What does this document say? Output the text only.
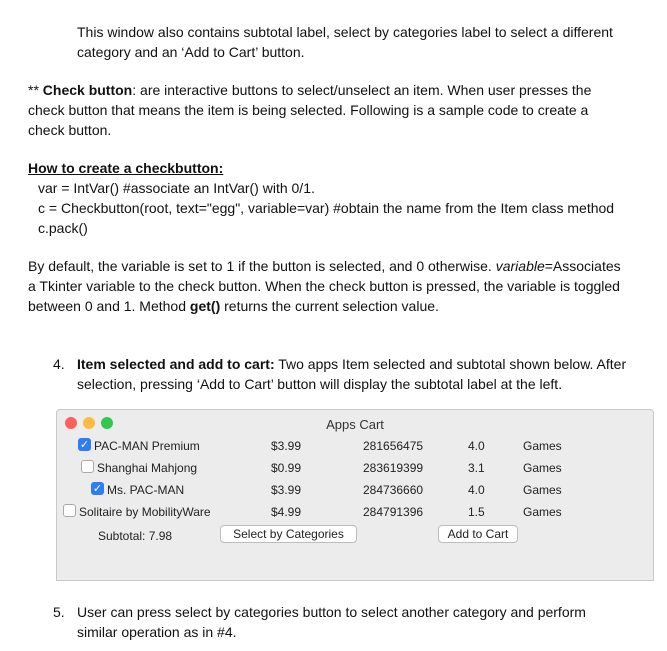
This window also contains subtotal label, select by categories label to select a different
category and an ‘Add to Cart’ button.
** Check button: are interactive buttons to select/unselect an item. When user presses the
check button that means the item is being selected. Following is a sample code to create a
check button.
How to create a checkbutton:
var = IntVar() #associate an IntVar() with 0/1.
c = Checkbutton(root, text="egg", variable=var) #obtain the name from the Item class method
c.pack()
By default, the variable is set to 1 if the button is selected, and 0 otherwise. variable=Associates
a Tkinter variable to the check button. When the check button is pressed, the variable is toggled
between 0 and 1. Method get() returns the current selection value.
4. Item selected and add to cart: Two apps Item selected and subtotal shown below. After
selection, pressing ‘Add to Cart’ button will display the subtotal label at the left.
Apps Cart
✓ PAC-MAN Premium	$3.99	281656475	4.0	Games
Shanghai Mahjong	$0.99	283619399	3.1	Games
✓ Ms. PAC-MAN	$3.99	284736660	4.0	Games
Solitaire by MobilityWare	$4.99	284791396	1.5	Games
Subtotal: 7.98	Select by Categories	Add to Cart
5. User can press select by categories button to select another category and perform
similar operation as in #4.
